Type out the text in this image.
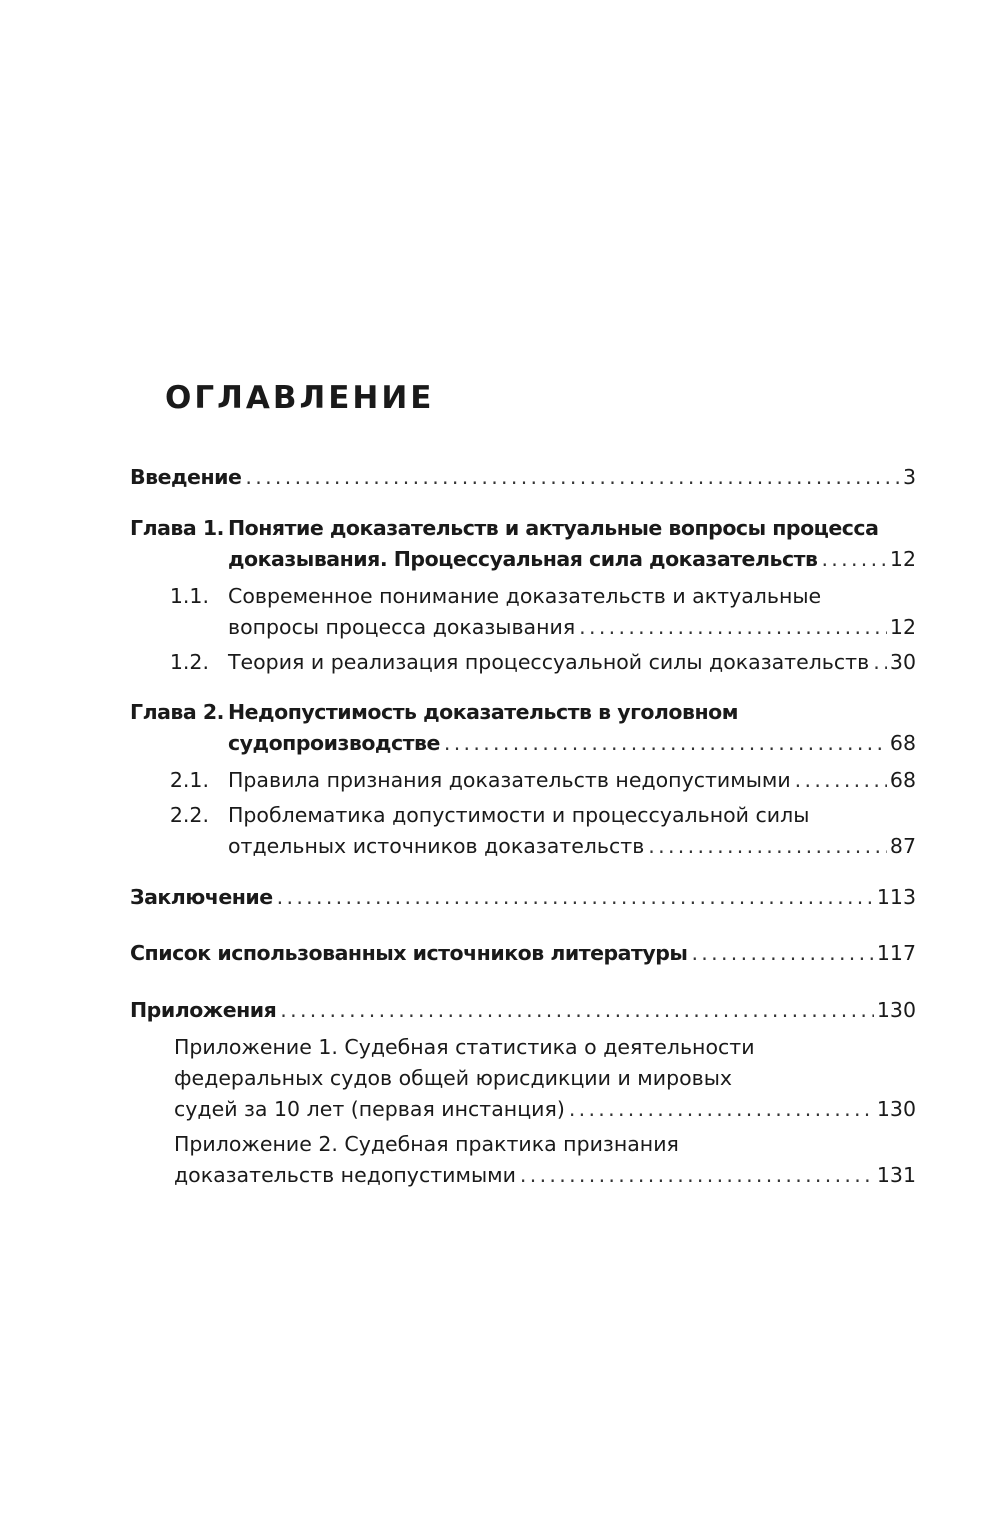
ОГЛАВЛЕНИЕ
Введение . . .	3
Глава 1. Понятие доказательств и актуальные вопросы процесса
доказывания. Процессуальная сила доказательств . . .	12
1.1. Современное понимание доказательств и актуальные
вопросы процесса доказывания . . .	12
1.2. Теория и реализация процессуальной силы доказательств . . . 30
Глава 2. Недопустимость доказательств в уголовном
судопроизводстве . . .	68
2.1. Правила признания доказательств недопустимыми . . .	68
2.2. Проблематика допустимости и процессуальной силы
отдельных источников доказательств . . .	87
Заключение . . .	113
Список использованных источников литературы . . .	117
Приложения . . .	130
Приложение 1. Судебная статистика о деятельности
федеральных судов общей юрисдикции и мировых
судей за 10 лет (первая инстанция) . . .	130
Приложение 2. Судебная практика признания
доказательств недопустимыми . . .	131
